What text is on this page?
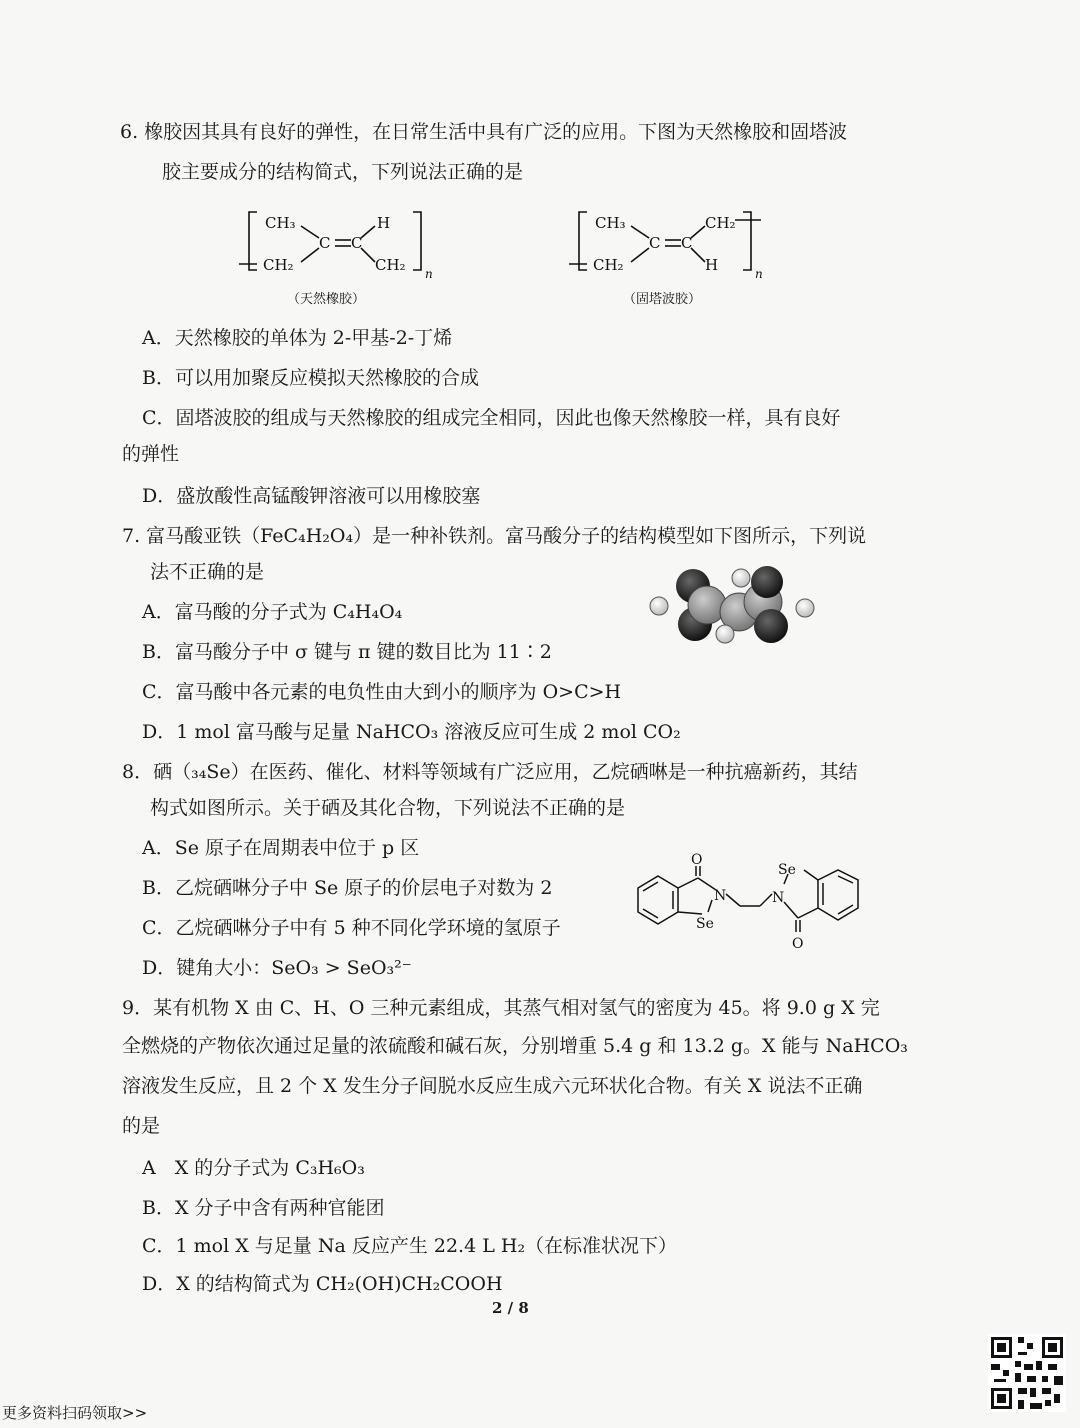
6. 橡胶因其具有良好的弹性，在日常生活中具有广泛的应用。下图为天然橡胶和固塔波
胶主要成分的结构简式，下列说法正确的是
CH₃
C C
H
CH₂	CH₂ n
CH₃
C C
CH₂
CH₂	H	n
（天然橡胶）	（固塔波胶）
A．天然橡胶的单体为 2-甲基-2-丁烯
B．可以用加聚反应模拟天然橡胶的合成
C．固塔波胶的组成与天然橡胶的组成完全相同，因此也像天然橡胶一样，具有良好
的弹性
D．盛放酸性高锰酸钾溶液可以用橡胶塞
7. 富马酸亚铁（FeC₄H₂O₄）是一种补铁剂。富马酸分子的结构模型如下图所示，下列说
法不正确的是
A．富马酸的分子式为 C₄H₄O₄
B．富马酸分子中 σ 键与 π 键的数目比为 11∶2
C．富马酸中各元素的电负性由大到小的顺序为 O>C>H
D．1 mol 富马酸与足量 NaHCO₃ 溶液反应可生成 2 mol CO₂
8．硒（₃₄Se）在医药、催化、材料等领域有广泛应用，乙烷硒啉是一种抗癌新药，其结
构式如图所示。关于硒及其化合物，下列说法不正确的是
O
N
Se
Se
N
O
A．Se 原子在周期表中位于 p 区
B．乙烷硒啉分子中 Se 原子的价层电子对数为 2
C．乙烷硒啉分子中有 5 种不同化学环境的氢原子
D．键角大小：SeO₃ > SeO₃²⁻
9．某有机物 X 由 C、H、O 三种元素组成，其蒸气相对氢气的密度为 45。将 9.0 g X 完
全燃烧的产物依次通过足量的浓硫酸和碱石灰，分别增重 5.4 g 和 13.2 g。X 能与 NaHCO₃
溶液发生反应，且 2 个 X 发生分子间脱水反应生成六元环状化合物。有关 X 说法不正确
的是
A　X 的分子式为 C₃H₆O₃
B．X 分子中含有两种官能团
C．1 mol X 与足量 Na 反应产生 22.4 L H₂（在标准状况下）
D．X 的结构简式为 CH₂(OH)CH₂COOH
2 / 8
更多资料扫码领取>>
